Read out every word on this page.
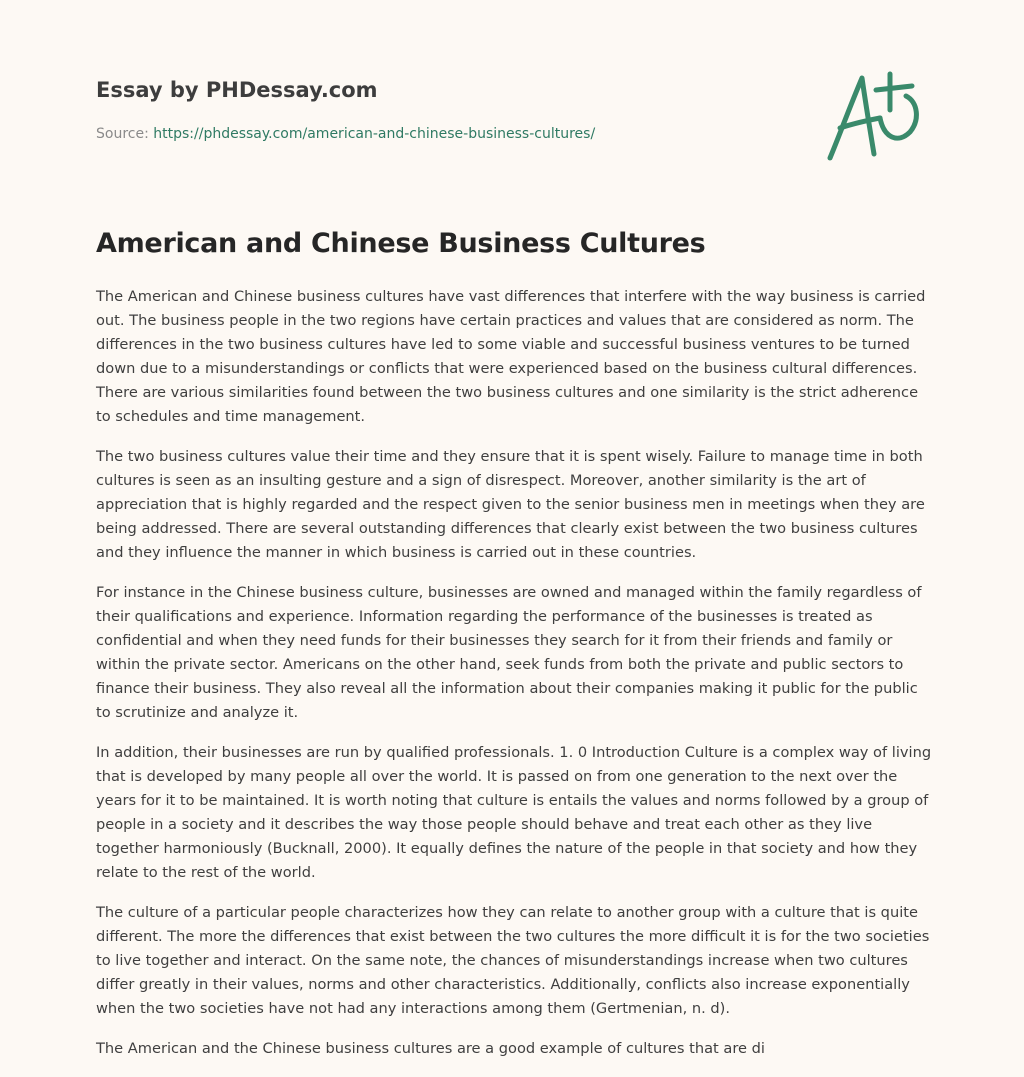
Essay by PHDessay.com
Source: https://phdessay.com/american-and-chinese-business-cultures/
American and Chinese Business Cultures

The American and Chinese business cultures have vast differences that interfere with the way business is carried out. The business people in the two regions have certain practices and values that are considered as norm. The differences in the two business cultures have led to some viable and successful business ventures to be turned down due to a misunderstandings or conflicts that were experienced based on the business cultural differences. There are various similarities found between the two business cultures and one similarity is the strict adherence to schedules and time management.

The two business cultures value their time and they ensure that it is spent wisely. Failure to manage time in both cultures is seen as an insulting gesture and a sign of disrespect. Moreover, another similarity is the art of appreciation that is highly regarded and the respect given to the senior business men in meetings when they are being addressed. There are several outstanding differences that clearly exist between the two business cultures and they influence the manner in which business is carried out in these countries.

For instance in the Chinese business culture, businesses are owned and managed within the family regardless of their qualifications and experience. Information regarding the performance of the businesses is treated as confidential and when they need funds for their businesses they search for it from their friends and family or within the private sector. Americans on the other hand, seek funds from both the private and public sectors to finance their business. They also reveal all the information about their companies making it public for the public to scrutinize and analyze it.

In addition, their businesses are run by qualified professionals. 1. 0 Introduction Culture is a complex way of living that is developed by many people all over the world. It is passed on from one generation to the next over the years for it to be maintained. It is worth noting that culture is entails the values and norms followed by a group of people in a society and it describes the way those people should behave and treat each other as they live together harmoniously (Bucknall, 2000). It equally defines the nature of the people in that society and how they relate to the rest of the world.

The culture of a particular people characterizes how they can relate to another group with a culture that is quite different. The more the differences that exist between the two cultures the more difficult it is for the two societies to live together and interact. On the same note, the chances of misunderstandings increase when two cultures differ greatly in their values, norms and other characteristics. Additionally, conflicts also increase exponentially when the two societies have not had any interactions among them (Gertmenian, n. d).

The American and the Chinese business cultures are a good example of cultures that are di
